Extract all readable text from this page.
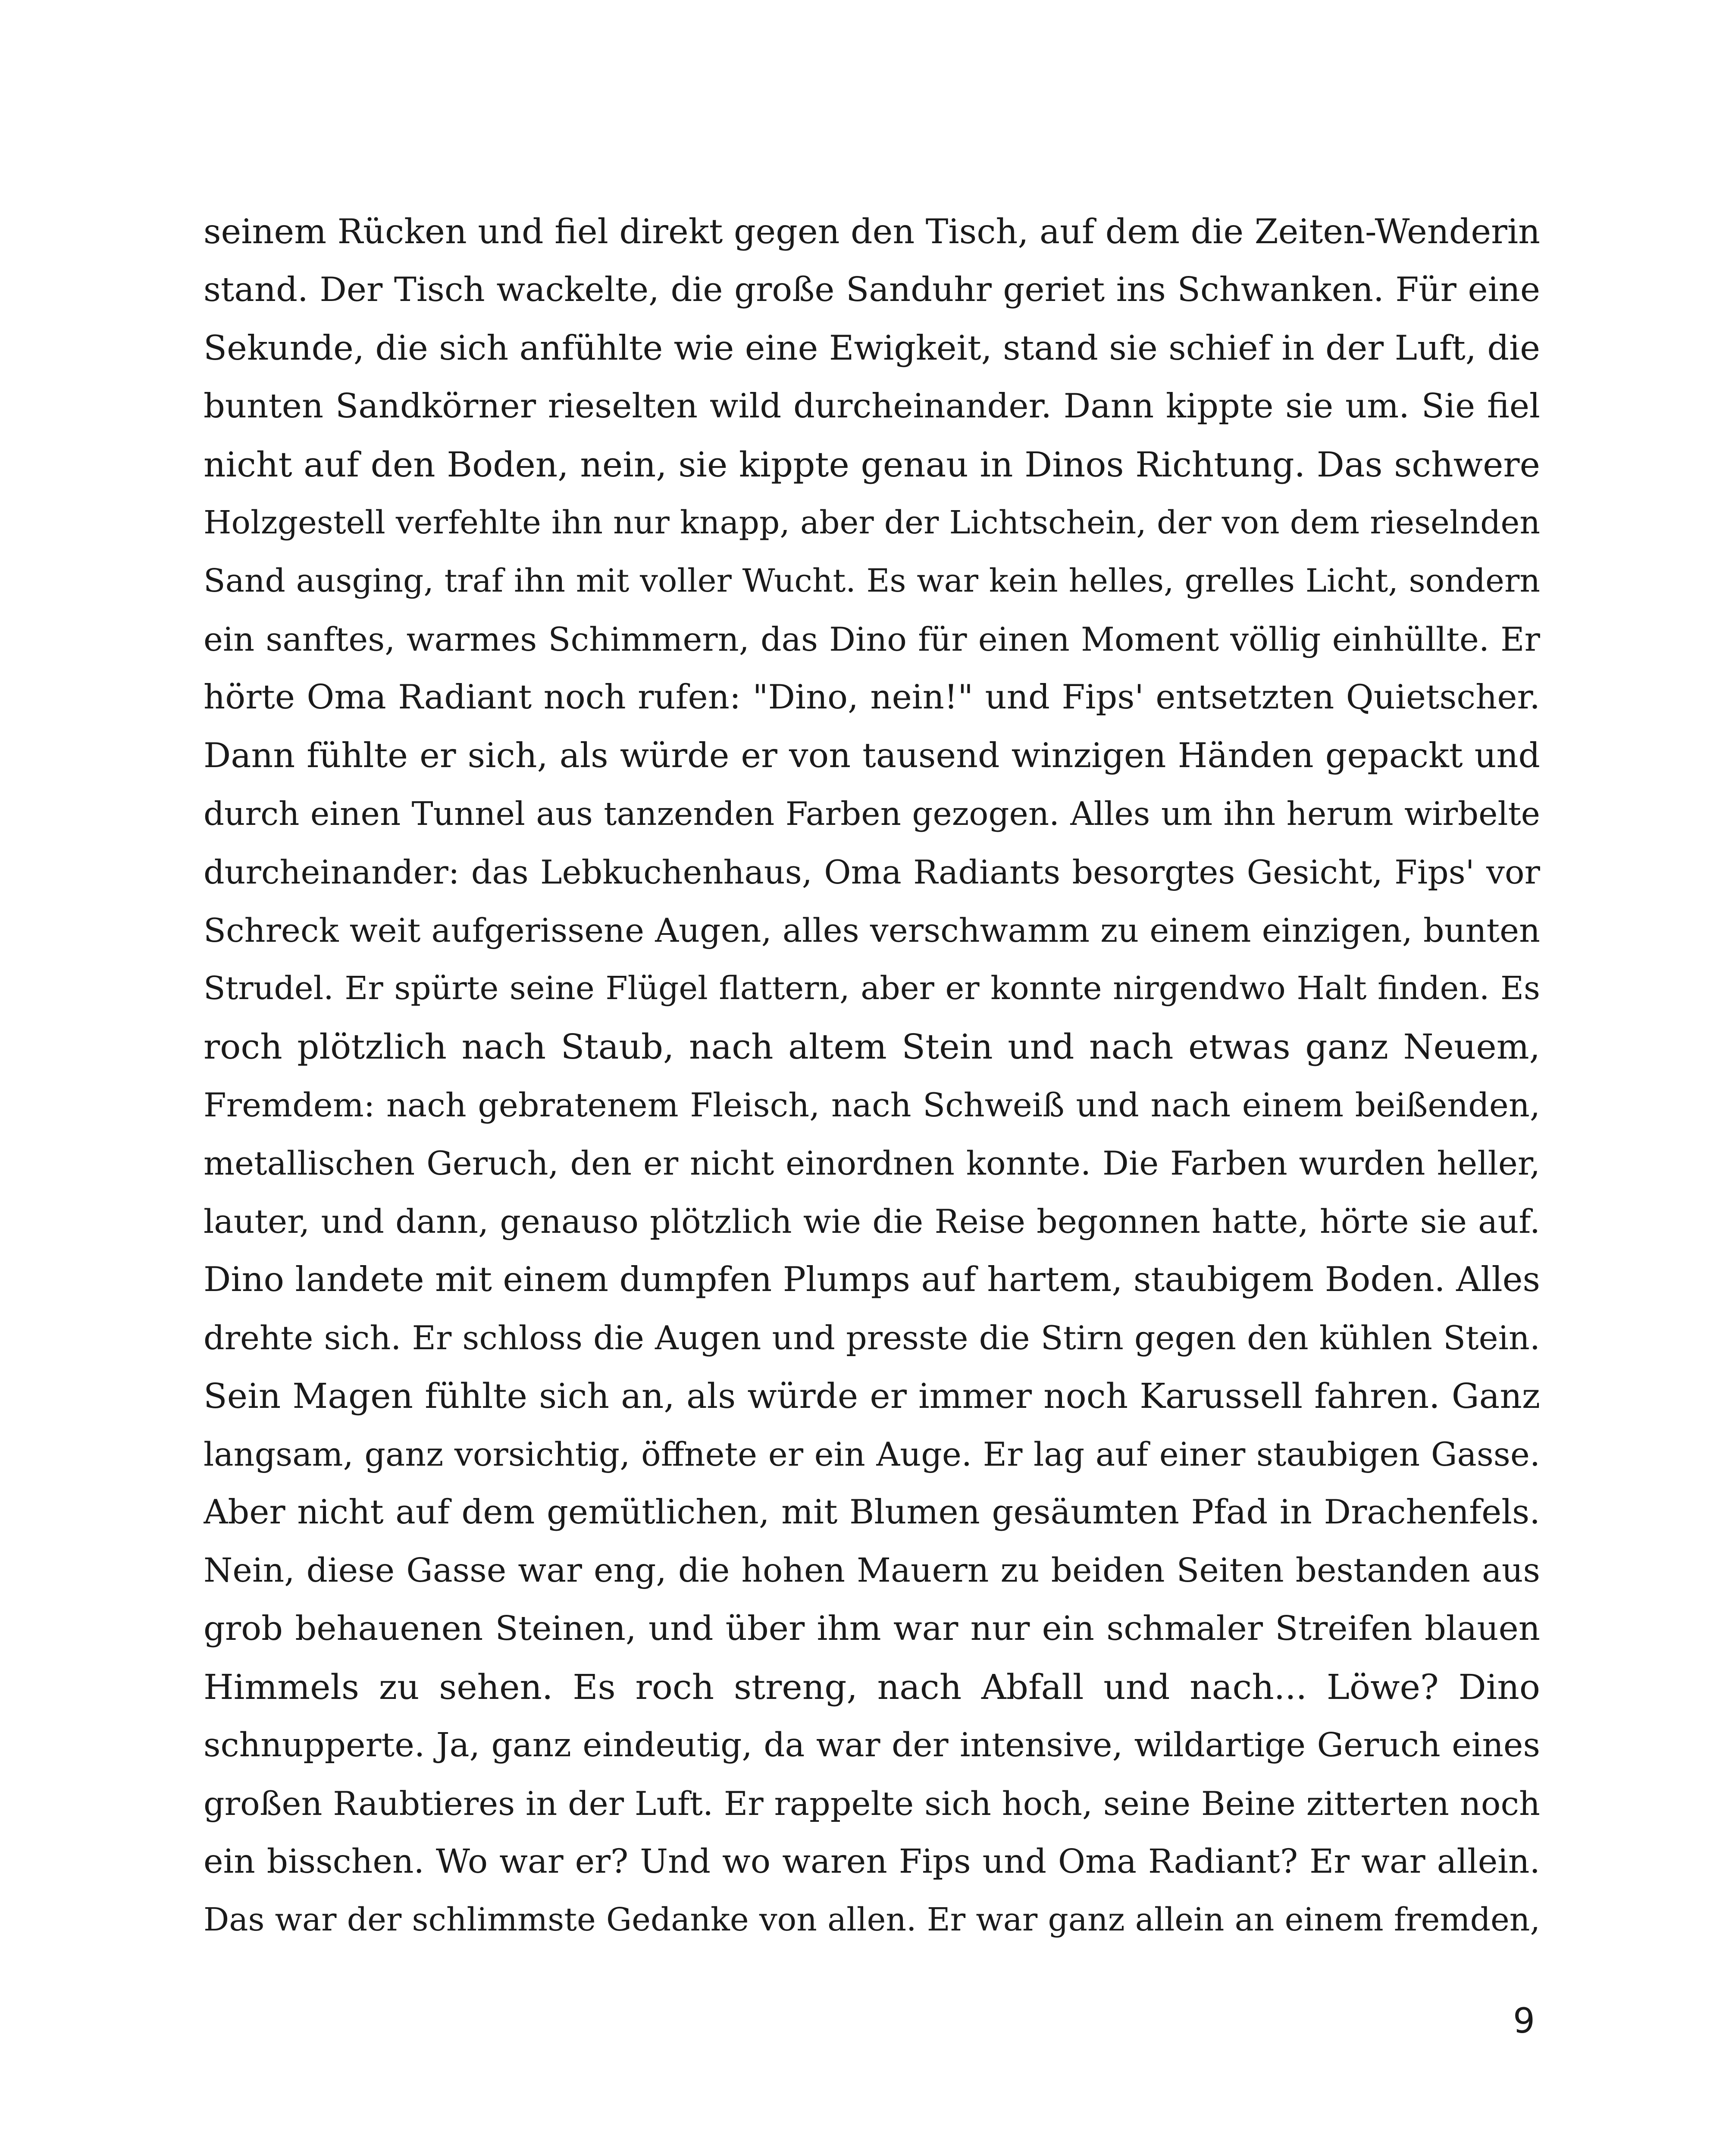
seinem Rücken und fiel direkt gegen den Tisch, auf dem die Zeiten-Wenderin
stand. Der Tisch wackelte, die große Sanduhr geriet ins Schwanken. Für eine
Sekunde, die sich anfühlte wie eine Ewigkeit, stand sie schief in der Luft, die
bunten Sandkörner rieselten wild durcheinander. Dann kippte sie um. Sie fiel
nicht auf den Boden, nein, sie kippte genau in Dinos Richtung. Das schwere
Holzgestell verfehlte ihn nur knapp, aber der Lichtschein, der von dem rieselnden
Sand ausging, traf ihn mit voller Wucht. Es war kein helles, grelles Licht, sondern
ein sanftes, warmes Schimmern, das Dino für einen Moment völlig einhüllte. Er
hörte Oma Radiant noch rufen: "Dino, nein!" und Fips' entsetzten Quietscher.
Dann fühlte er sich, als würde er von tausend winzigen Händen gepackt und
durch einen Tunnel aus tanzenden Farben gezogen. Alles um ihn herum wirbelte
durcheinander: das Lebkuchenhaus, Oma Radiants besorgtes Gesicht, Fips' vor
Schreck weit aufgerissene Augen, alles verschwamm zu einem einzigen, bunten
Strudel. Er spürte seine Flügel flattern, aber er konnte nirgendwo Halt finden. Es
roch plötzlich nach Staub, nach altem Stein und nach etwas ganz Neuem,
Fremdem: nach gebratenem Fleisch, nach Schweiß und nach einem beißenden,
metallischen Geruch, den er nicht einordnen konnte. Die Farben wurden heller,
lauter, und dann, genauso plötzlich wie die Reise begonnen hatte, hörte sie auf.
Dino landete mit einem dumpfen Plumps auf hartem, staubigem Boden. Alles
drehte sich. Er schloss die Augen und presste die Stirn gegen den kühlen Stein.
Sein Magen fühlte sich an, als würde er immer noch Karussell fahren. Ganz
langsam, ganz vorsichtig, öffnete er ein Auge. Er lag auf einer staubigen Gasse.
Aber nicht auf dem gemütlichen, mit Blumen gesäumten Pfad in Drachenfels.
Nein, diese Gasse war eng, die hohen Mauern zu beiden Seiten bestanden aus
grob behauenen Steinen, und über ihm war nur ein schmaler Streifen blauen
Himmels zu sehen. Es roch streng, nach Abfall und nach... Löwe? Dino
schnupperte. Ja, ganz eindeutig, da war der intensive, wildartige Geruch eines
großen Raubtieres in der Luft. Er rappelte sich hoch, seine Beine zitterten noch
ein bisschen. Wo war er? Und wo waren Fips und Oma Radiant? Er war allein.
Das war der schlimmste Gedanke von allen. Er war ganz allein an einem fremden,
9
